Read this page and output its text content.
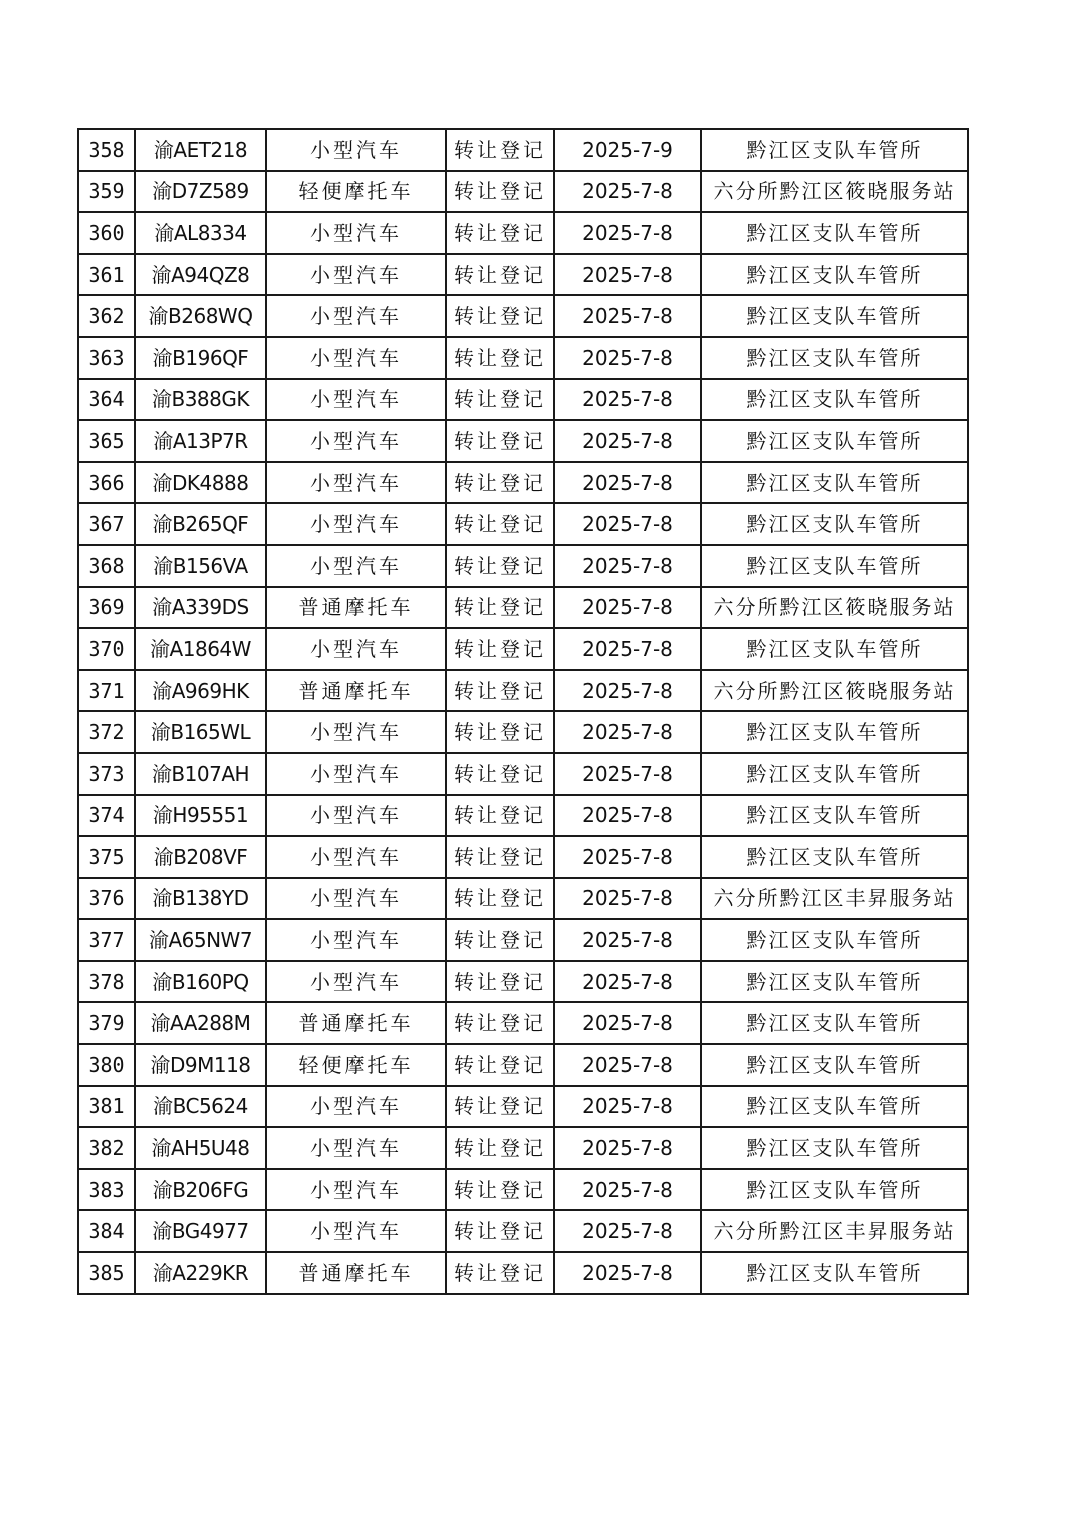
358	渝AET218	小型汽车	转让登记	2025-7-9	黔江区支队车管所
359	渝D7Z589	轻便摩托车	转让登记	2025-7-8	六分所黔江区筱晓服务站
360	渝AL8334	小型汽车	转让登记	2025-7-8	黔江区支队车管所
361	渝A94QZ8	小型汽车	转让登记	2025-7-8	黔江区支队车管所
362	渝B268WQ	小型汽车	转让登记	2025-7-8	黔江区支队车管所
363	渝B196QF	小型汽车	转让登记	2025-7-8	黔江区支队车管所
364	渝B388GK	小型汽车	转让登记	2025-7-8	黔江区支队车管所
365	渝A13P7R	小型汽车	转让登记	2025-7-8	黔江区支队车管所
366	渝DK4888	小型汽车	转让登记	2025-7-8	黔江区支队车管所
367	渝B265QF	小型汽车	转让登记	2025-7-8	黔江区支队车管所
368	渝B156VA	小型汽车	转让登记	2025-7-8	黔江区支队车管所
369	渝A339DS	普通摩托车	转让登记	2025-7-8	六分所黔江区筱晓服务站
370	渝A1864W	小型汽车	转让登记	2025-7-8	黔江区支队车管所
371	渝A969HK	普通摩托车	转让登记	2025-7-8	六分所黔江区筱晓服务站
372	渝B165WL	小型汽车	转让登记	2025-7-8	黔江区支队车管所
373	渝B107AH	小型汽车	转让登记	2025-7-8	黔江区支队车管所
374	渝H95551	小型汽车	转让登记	2025-7-8	黔江区支队车管所
375	渝B208VF	小型汽车	转让登记	2025-7-8	黔江区支队车管所
376	渝B138YD	小型汽车	转让登记	2025-7-8	六分所黔江区丰昇服务站
377	渝A65NW7	小型汽车	转让登记	2025-7-8	黔江区支队车管所
378	渝B160PQ	小型汽车	转让登记	2025-7-8	黔江区支队车管所
379	渝AA288M	普通摩托车	转让登记	2025-7-8	黔江区支队车管所
380	渝D9M118	轻便摩托车	转让登记	2025-7-8	黔江区支队车管所
381	渝BC5624	小型汽车	转让登记	2025-7-8	黔江区支队车管所
382	渝AH5U48	小型汽车	转让登记	2025-7-8	黔江区支队车管所
383	渝B206FG	小型汽车	转让登记	2025-7-8	黔江区支队车管所
384	渝BG4977	小型汽车	转让登记	2025-7-8	六分所黔江区丰昇服务站
385	渝A229KR	普通摩托车	转让登记	2025-7-8	黔江区支队车管所
